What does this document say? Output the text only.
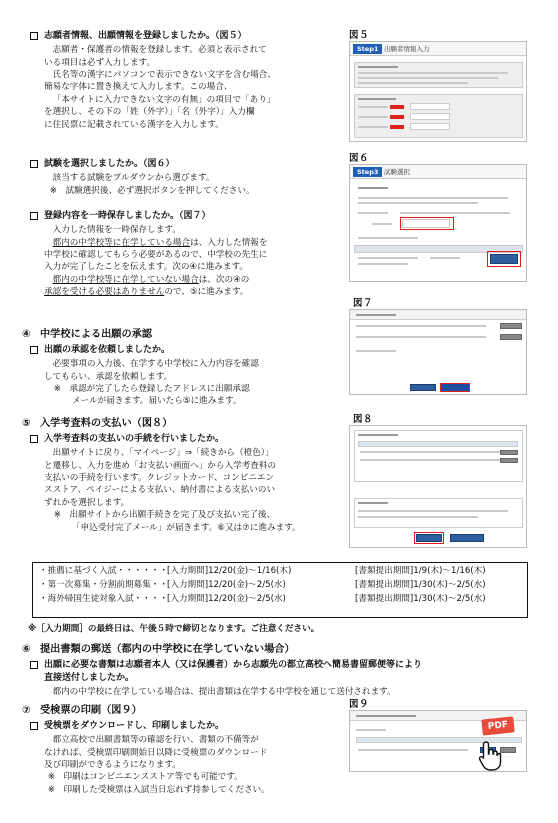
志願者情報、出願情報を登録しましたか。（図５）
志願者・保護者の情報を登録します。必須と表示されて
いる項目は必ず入力します。
氏名等の漢字にパソコンで表示できない文字を含む場合、
簡易な字体に置き換えて入力します。この場合、
「本サイトに入力できない文字の有無」の項目で「あり」
を選択し、その下の「姓（外字）」「名（外字）」入力欄
に住民票に記載されている漢字を入力します。
試験を選択しましたか。（図６）
該当する試験をプルダウンから選びます。
※　試験選択後、必ず選択ボタンを押してください。
登録内容を一時保存しましたか。（図７）
入力した情報を一時保存します。
都内の中学校等に在学している場合は、入力した情報を
中学校に確認してもらう必要があるので、中学校の先生に
入力が完了したことを伝えます。次の④に進みます。
都内の中学校等に在学していない場合は、次の④の
承認を受ける必要はありませんので、⑤に進みます。
④ 中学校による出願の承認
出願の承認を依頼しましたか。
必要事項の入力後、在学する中学校に入力内容を確認
してもらい、承認を依頼します。
※　承認が完了したら登録したアドレスに出願承認
メールが届きます。届いたら⑤に進みます。
⑤ 入学考査料の支払い（図８）
入学考査料の支払いの手続を行いましたか。
出願サイトに戻り、「マイページ」⇒「続きから（橙色）」
と遷移し、入力を進め「お支払い画面へ」から入学考査料の
支払いの手続を行います。クレジットカード、コンビニエン
スストア、ペイジーによる支払い、納付書による支払いのい
ずれかを選択します。
※　出願サイトから出願手続きを完了及び支払い完了後、
「申込受付完了メール」が届きます。⑥又は⑦に進みます。
・推薦に基づく入試・・・・・・ [入力期間]12/20(金)～1/16(木)	[書類提出期間]1/9(木)～1/16(木)
・第一次募集・分割前期募集・・ [入力期間]12/20(金)～2/5(水)	[書類提出期間]1/30(木)～2/5(水)
・海外帰国生徒対象入試・・・・ [入力期間]12/20(金)～2/5(水)	[書類提出期間]1/30(木)～2/5(水)
※［入力期間］の最終日は、午後５時で締切となります。ご注意ください。
⑥ 提出書類の郵送（都内の中学校に在学していない場合）
出願に必要な書類は志願者本人（又は保護者）から志願先の都立高校へ簡易書留郵便等により
直接送付しましたか。
都内の中学校に在学している場合は、提出書類は在学する中学校を通じて送付されます。
⑦ 受検票の印刷（図９）
受検票をダウンロードし、印刷しましたか。
都立高校で出願書類等の確認を行い、書類の不備等が
なければ、受検票印刷開始日以降に受検票のダウンロード
及び印刷ができるようになります。
※　印刷はコンビニエンスストア等でも可能です。
※　印刷した受検票は入試当日忘れず持参してください。
図５
Step1 出願者情報入力
図６
Step3 試験選択
図７
図８
図９
PDF
